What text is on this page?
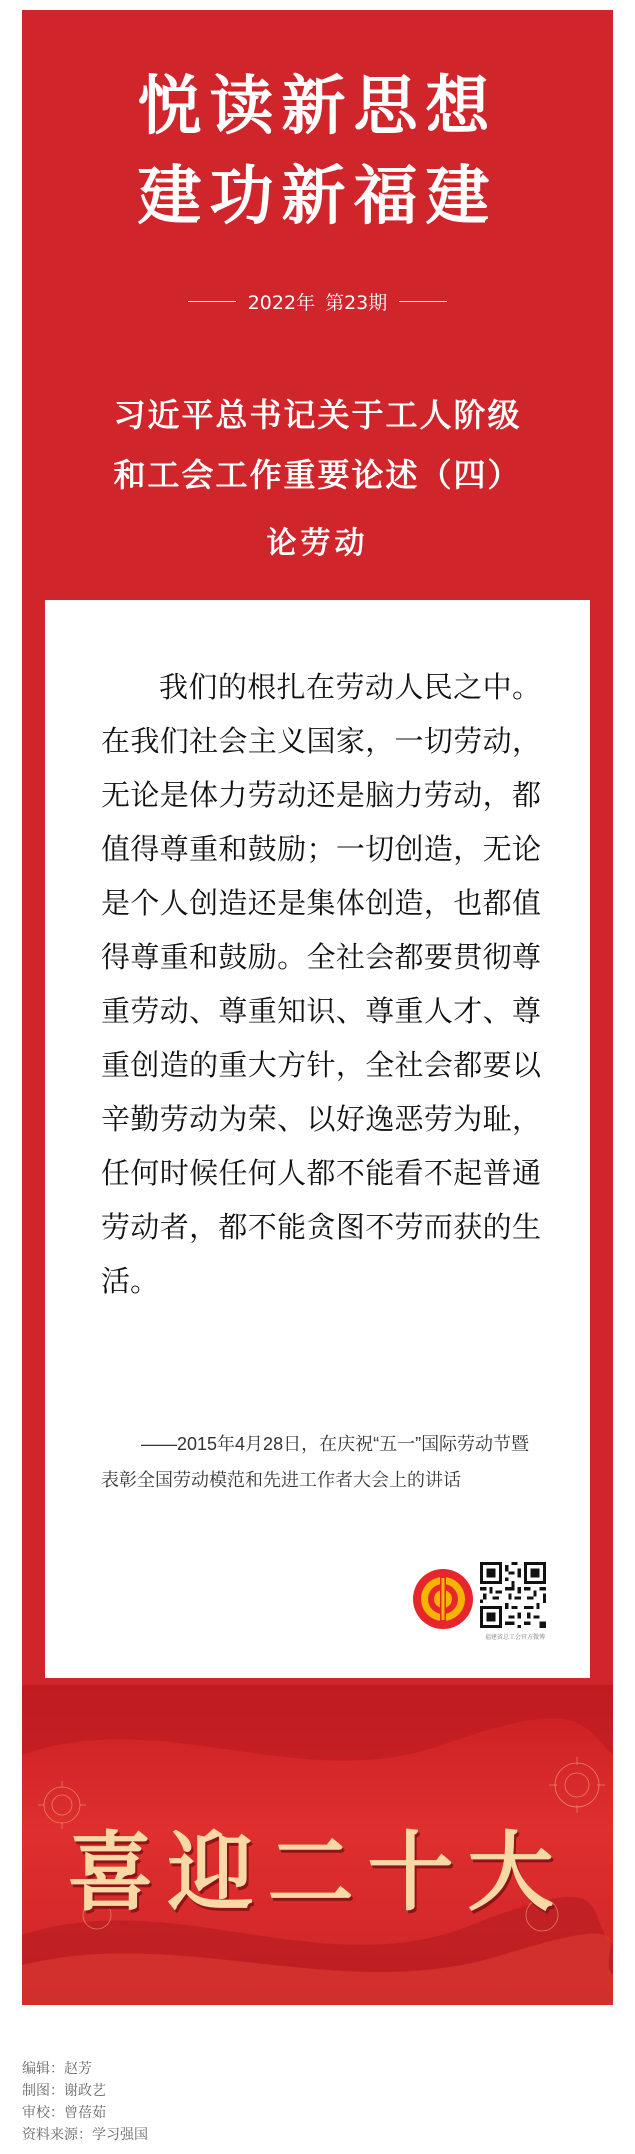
悦读新思想
建功新福建
2022年 第23期
习近平总书记关于工人阶级
和工会工作重要论述（四）
论劳动

我们的根扎在劳动人民之中。在我们社会主义国家，一切劳动，无论是体力劳动还是脑力劳动，都值得尊重和鼓励；一切创造，无论是个人创造还是集体创造，也都值得尊重和鼓励。全社会都要贯彻尊重劳动、尊重知识、尊重人才、尊重创造的重大方针，全社会都要以辛勤劳动为荣、以好逸恶劳为耻，任何时候任何人都不能看不起普通劳动者，都不能贪图不劳而获的生活。

——2015年4月28日，在庆祝“五一”国际劳动节暨表彰全国劳动模范和先进工作者大会上的讲话

福建省总工会官方微博
喜迎二十大
编辑：赵芳
制图：谢政艺
审校：曾蓓茹
资料来源：学习强国
